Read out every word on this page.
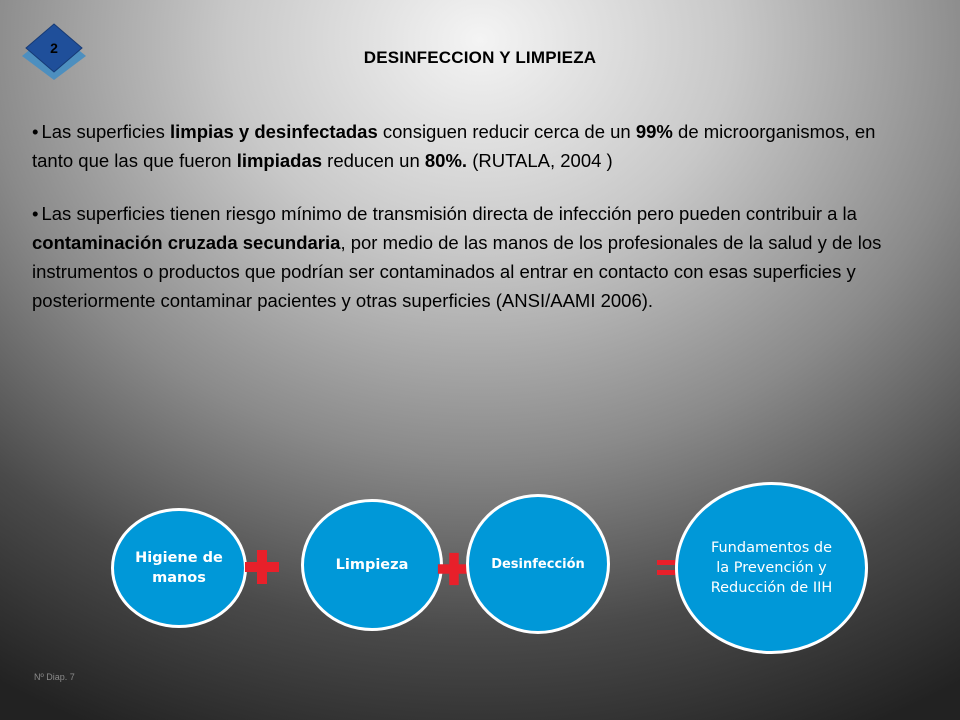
2	DESINFECCION Y LIMPIEZA

• Las superficies limpias y desinfectadas consiguen reducir cerca de un 99% de microorganismos, en tanto que las que fueron limpiadas reducen un 80%. (RUTALA, 2004 )

• Las superficies tienen riesgo mínimo de transmisión directa de infección pero pueden contribuir a la contaminación cruzada secundaria, por medio de las manos de los profesionales de la salud y de los instrumentos o productos que podrían ser contaminados al entrar en contacto con esas superficies y posteriormente contaminar pacientes y otras superficies (ANSI/AAMI 2006).

Higiene de manos
Limpieza	Desinfección
Fundamentos de la Prevención y Reducción de IIH
Nº Diap. 7
